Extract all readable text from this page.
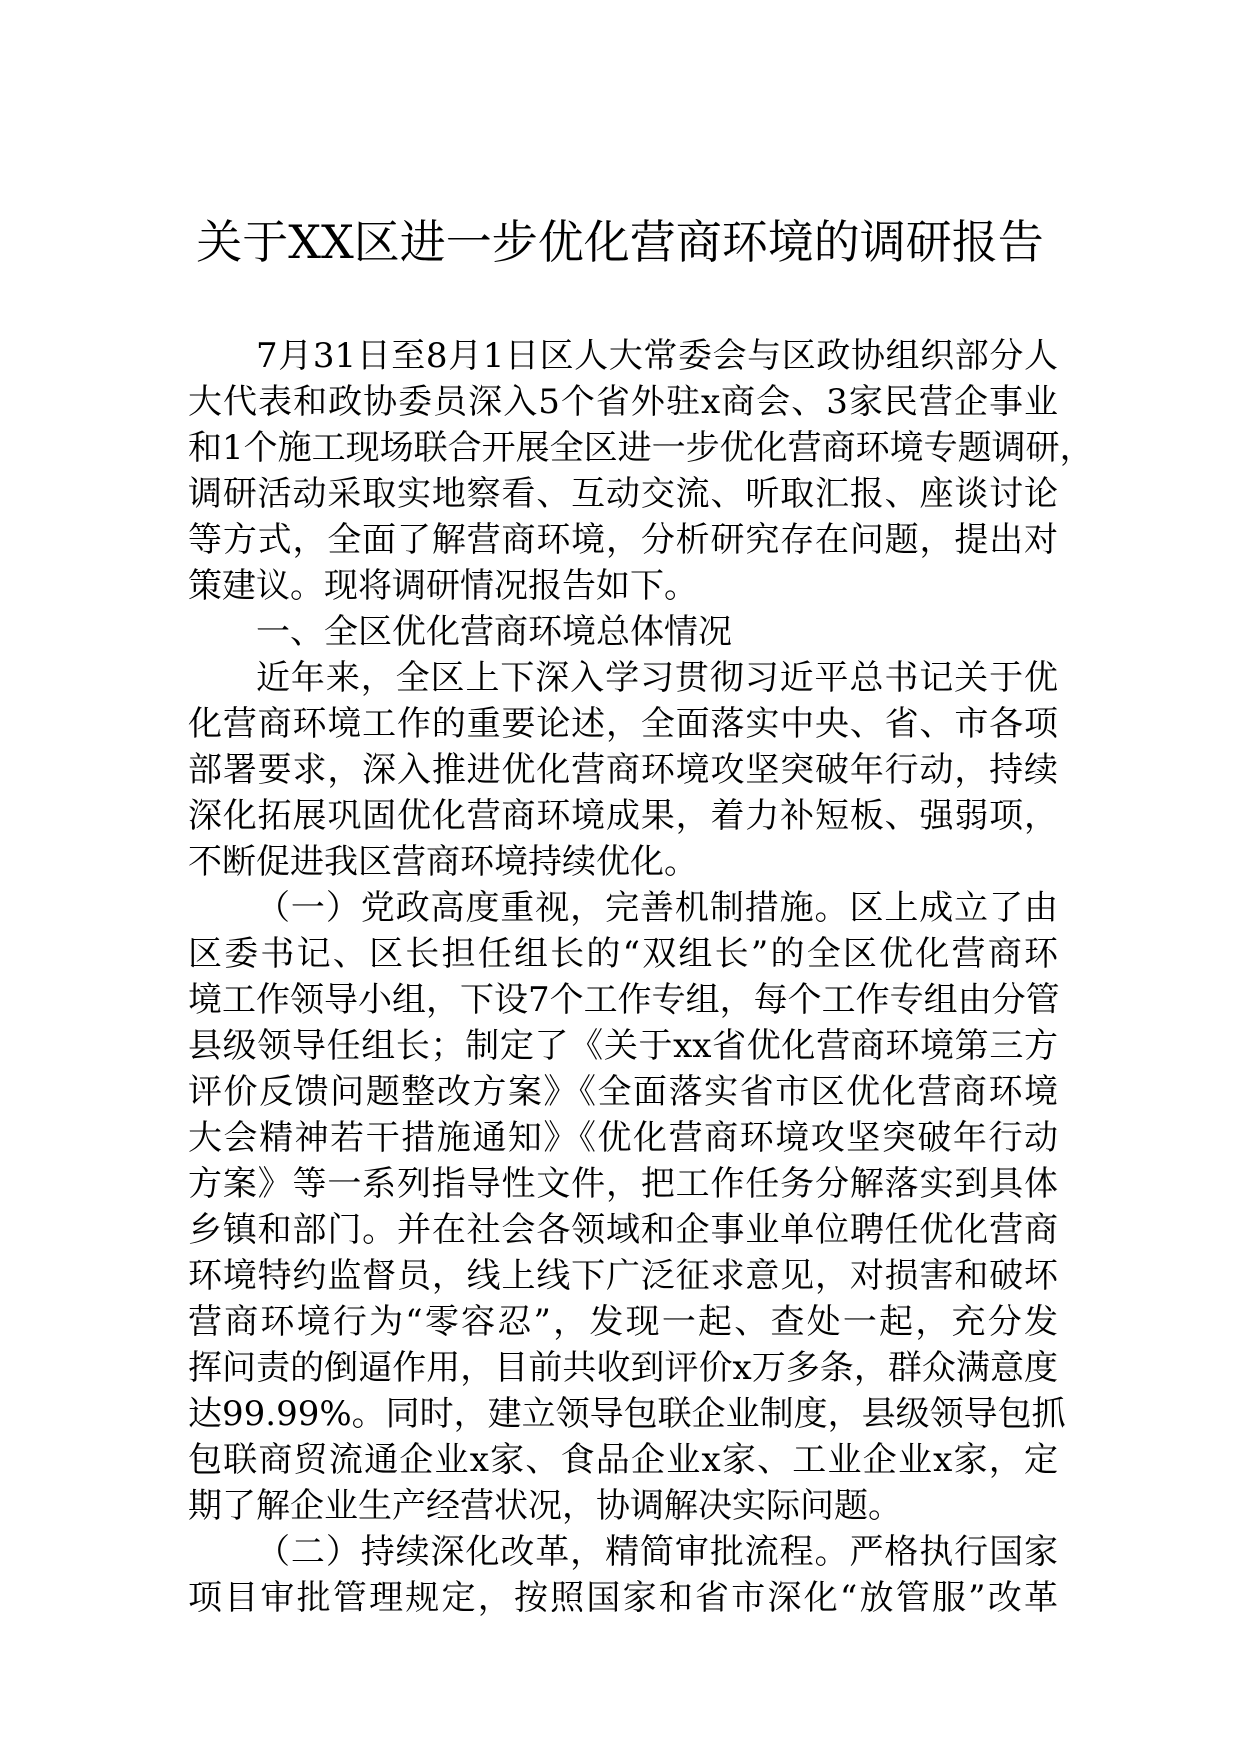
关于XX区进一步优化营商环境的调研报告
7月31日至8月1日区人大常委会与区政协组织部分人
大代表和政协委员深入5个省外驻x商会、3家民营企事业
和1个施工现场联合开展全区进一步优化营商环境专题调研，
调研活动采取实地察看、互动交流、听取汇报、座谈讨论
等方式，全面了解营商环境，分析研究存在问题，提出对
策建议。现将调研情况报告如下。
一、全区优化营商环境总体情况
近年来，全区上下深入学习贯彻习近平总书记关于优
化营商环境工作的重要论述，全面落实中央、省、市各项
部署要求，深入推进优化营商环境攻坚突破年行动，持续
深化拓展巩固优化营商环境成果，着力补短板、强弱项，
不断促进我区营商环境持续优化。
（一）党政高度重视，完善机制措施。区上成立了由
区委书记、区长担任组长的“双组长”的全区优化营商环
境工作领导小组，下设7个工作专组，每个工作专组由分管
县级领导任组长；制定了《关于xx省优化营商环境第三方
评价反馈问题整改方案》《全面落实省市区优化营商环境
大会精神若干措施通知》《优化营商环境攻坚突破年行动
方案》等一系列指导性文件，把工作任务分解落实到具体
乡镇和部门。并在社会各领域和企事业单位聘任优化营商
环境特约监督员，线上线下广泛征求意见，对损害和破坏
营商环境行为“零容忍”，发现一起、查处一起，充分发
挥问责的倒逼作用，目前共收到评价x万多条，群众满意度
达99.99%。同时，建立领导包联企业制度，县级领导包抓
包联商贸流通企业x家、食品企业x家、工业企业x家，定
期了解企业生产经营状况，协调解决实际问题。
（二）持续深化改革，精简审批流程。严格执行国家
项目审批管理规定，按照国家和省市深化“放管服”改革
